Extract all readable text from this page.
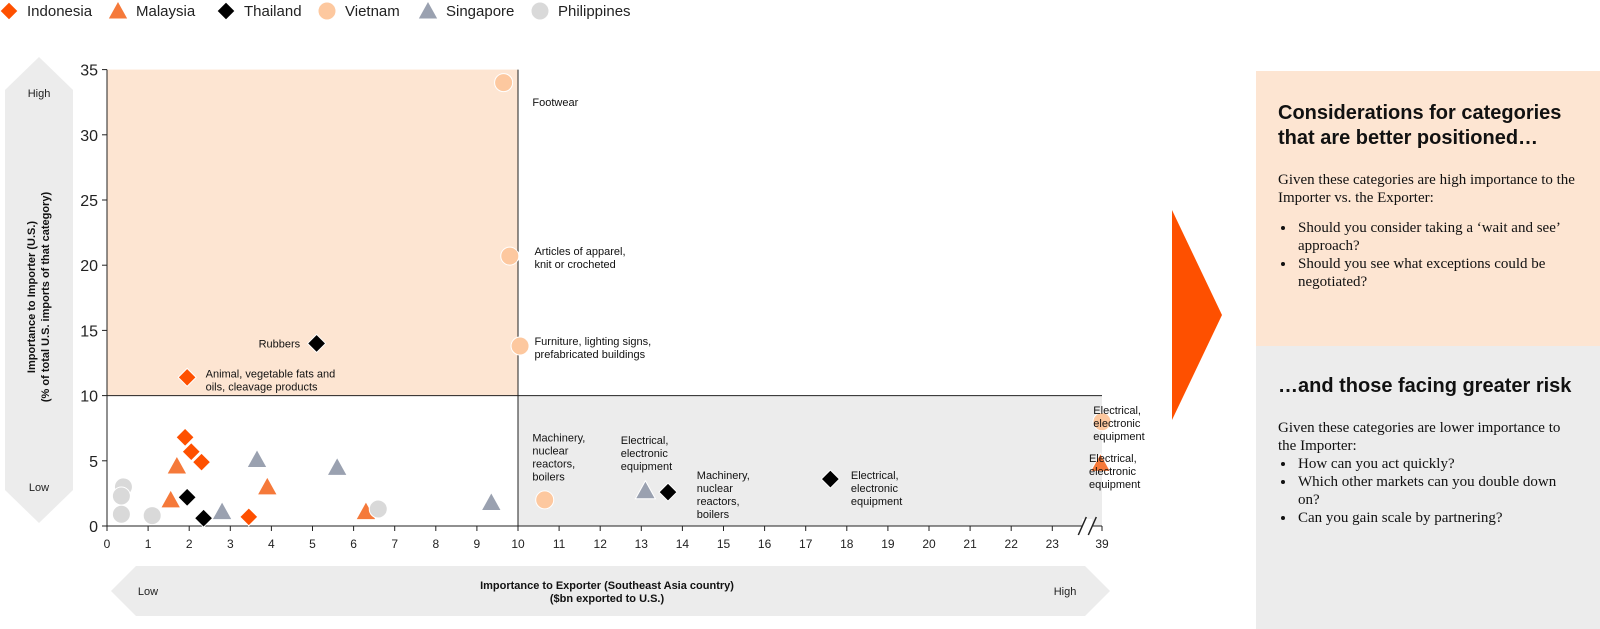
Indonesia	Malaysia	Thailand	Vietnam	Singapore	Philippines
0
5
10
15
20
25
30
35
0	1	2	3	4	5	6	7	8	9	10 11 12 13 14 15 16 17 18 19 20 21 22 23	39
Footwear
Articles of apparel, knit or crocheted
Rubbers	Furniture, lighting signs, prefabricated buildings
Animal, vegetable fats and oils, cleavage products
Machinery, nuclear reactors, boilers
Electrical, electronic equipment
Machinery, nuclear reactors, boilers
Electrical, electronic equipment
Electrical, electronic equipment
Electrical, electronic equipment
High
Low
Importance to Importer (U.S.) (% of total U.S. imports of that category)
Low	High
Importance to Exporter (Southeast Asia country) ($bn exported to U.S.)
Considerations for categories that are better positioned…

Given these categories are high importance to the Importer vs. the Exporter:

• Should you consider taking a ‘wait and see’ approach?
• Should you see what exceptions could be negotiated?
…and those facing greater risk

Given these categories are lower importance to the Importer:

• How can you act quickly?
• Which other markets can you double down on?
• Can you gain scale by partnering?
